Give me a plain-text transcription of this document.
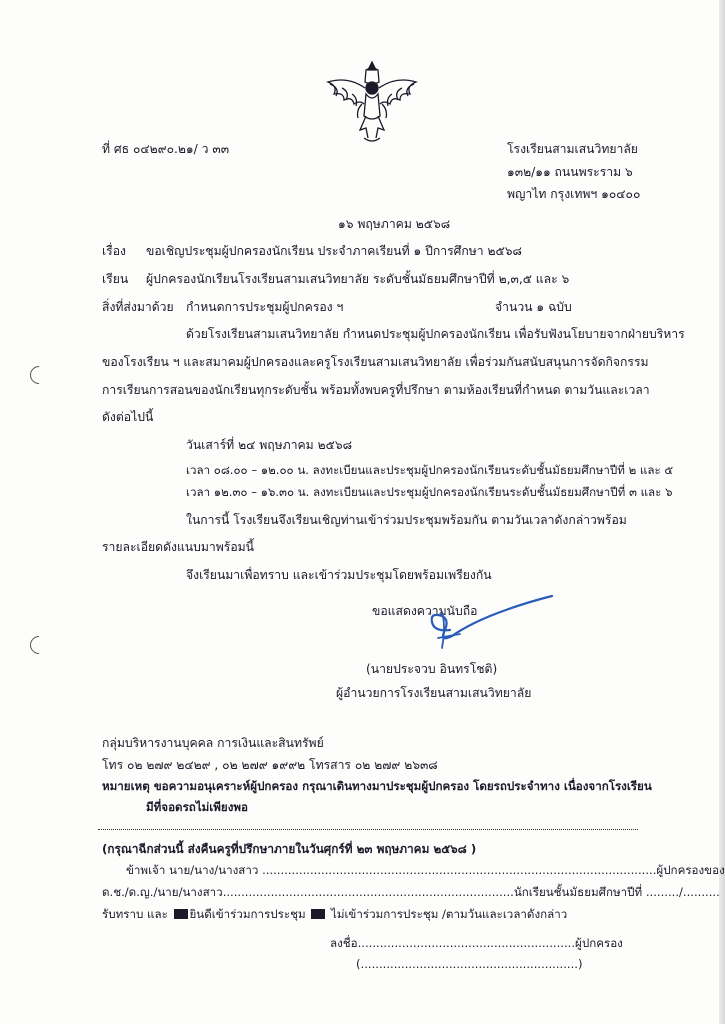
ที่ ศธ ๐๔๒๙๐.๒๑/ ว ๓๓	โรงเรียนสามเสนวิทยาลัย
๑๓๒/๑๑ ถนนพระราม ๖
พญาไท กรุงเทพฯ ๑๐๔๐๐
๑๖ พฤษภาคม ๒๕๖๘
เรื่อง ขอเชิญประชุมผู้ปกครองนักเรียน ประจำภาคเรียนที่ ๑ ปีการศึกษา ๒๕๖๘
เรียน ผู้ปกครองนักเรียนโรงเรียนสามเสนวิทยาลัย ระดับชั้นมัธยมศึกษาปีที่ ๒,๓,๕ และ ๖
สิ่งที่ส่งมาด้วย กำหนดการประชุมผู้ปกครอง ฯ	จำนวน ๑ ฉบับ
ด้วยโรงเรียนสามเสนวิทยาลัย กำหนดประชุมผู้ปกครองนักเรียน เพื่อรับฟังนโยบายจากฝ่ายบริหาร
ของโรงเรียน ฯ และสมาคมผู้ปกครองและครูโรงเรียนสามเสนวิทยาลัย เพื่อร่วมกันสนับสนุนการจัดกิจกรรม
การเรียนการสอนของนักเรียนทุกระดับชั้น พร้อมทั้งพบครูที่ปรึกษา ตามห้องเรียนที่กำหนด ตามวันและเวลา
ดังต่อไปนี้
วันเสาร์ที่ ๒๔ พฤษภาคม ๒๕๖๘
เวลา ๐๘.๐๐ – ๑๒.๐๐ น. ลงทะเบียนและประชุมผู้ปกครองนักเรียนระดับชั้นมัธยมศึกษาปีที่ ๒ และ ๕
เวลา ๑๒.๓๐ – ๑๖.๓๐ น. ลงทะเบียนและประชุมผู้ปกครองนักเรียนระดับชั้นมัธยมศึกษาปีที่ ๓ และ ๖
ในการนี้ โรงเรียนจึงเรียนเชิญท่านเข้าร่วมประชุมพร้อมกัน ตามวันเวลาดังกล่าวพร้อม
รายละเอียดดังแนบมาพร้อมนี้
จึงเรียนมาเพื่อทราบ และเข้าร่วมประชุมโดยพร้อมเพรียงกัน
ขอแสดงความนับถือ
(นายประจวบ อินทรโชติ)
ผู้อำนวยการโรงเรียนสามเสนวิทยาลัย
กลุ่มบริหารงานบุคคล การเงินและสินทรัพย์
โทร ๐๒ ๒๗๙ ๒๔๒๙ , ๐๒ ๒๗๙ ๑๙๙๒ โทรสาร ๐๒ ๒๗๙ ๒๖๓๘
หมายเหตุ ขอความอนุเคราะห์ผู้ปกครอง กรุณาเดินทางมาประชุมผู้ปกครอง โดยรถประจำทาง เนื่องจากโรงเรียน
มีที่จอดรถไม่เพียงพอ
(กรุณาฉีกส่วนนี้ ส่งคืนครูที่ปรึกษาภายในวันศุกร์ที่ ๒๓ พฤษภาคม ๒๕๖๘ )
ข้าพเจ้า นาย/นาง/นางสาว ...........................................................................................................ผู้ปกครองของ
ด.ช./ด.ญ./นาย/นางสาว...............................................................................นักเรียนชั้นมัธยมศึกษาปีที่ ........./..........
รับทราบ และ ยินดีเข้าร่วมการประชุม ไม่เข้าร่วมการประชุม /ตามวันและเวลาดังกล่าว
ลงชื่อ...........................................................ผู้ปกครอง
(...........................................................)
